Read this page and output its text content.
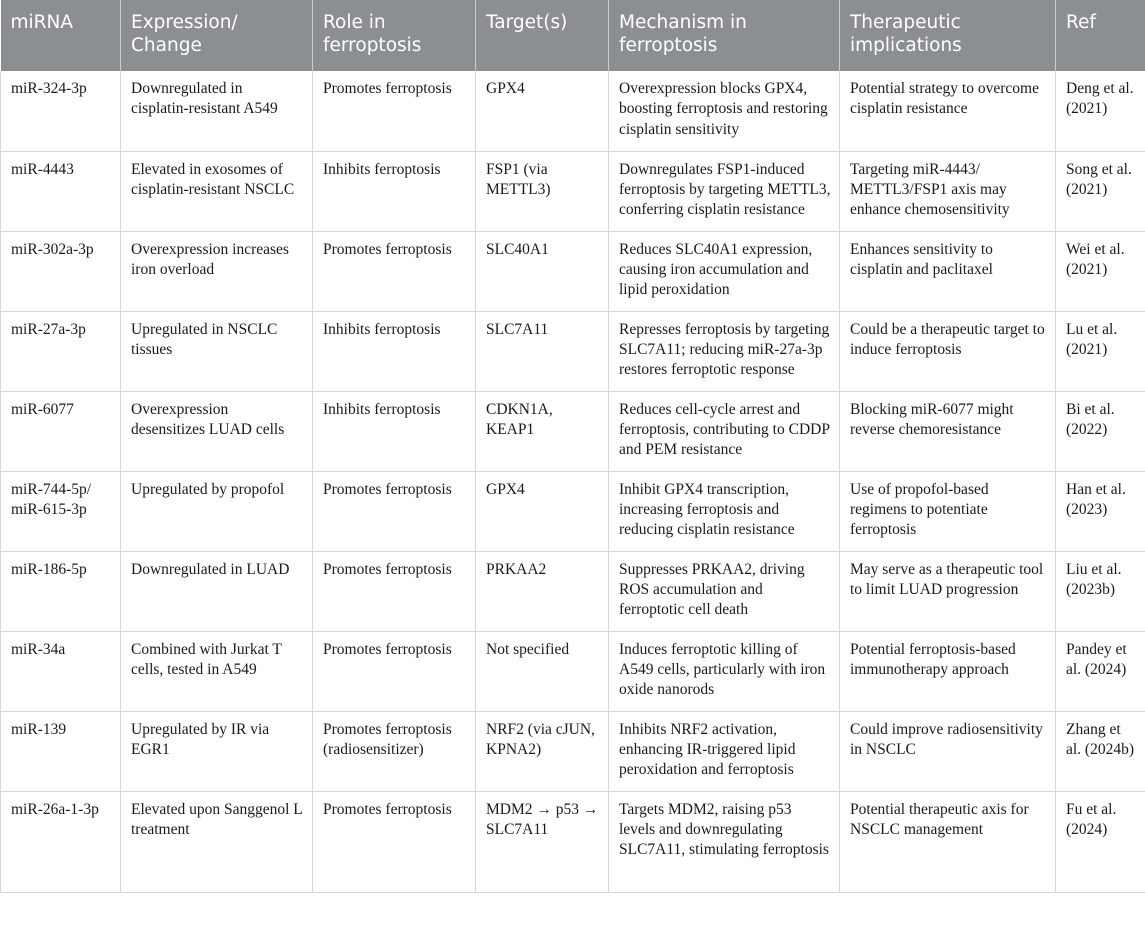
miRNA	Expression/ Change	Role in ferroptosis	Target(s)	Mechanism in ferroptosis	Therapeutic implications	Ref
miR-324-3p	Downregulated in cisplatin-resistant A549	Promotes ferroptosis	GPX4	Overexpression blocks GPX4, boosting ferroptosis and restoring cisplatin sensitivity	Potential strategy to overcome cisplatin resistance	Deng et al. (2021)
miR-4443	Elevated in exosomes of cisplatin-resistant NSCLC	Inhibits ferroptosis	FSP1 (via METTL3)	Downregulates FSP1-induced ferroptosis by targeting METTL3, conferring cisplatin resistance	Targeting miR-4443/ METTL3/FSP1 axis may enhance chemosensitivity	Song et al. (2021)
miR-302a-3p	Overexpression increases iron overload	Promotes ferroptosis	SLC40A1	Reduces SLC40A1 expression, causing iron accumulation and lipid peroxidation	Enhances sensitivity to cisplatin and paclitaxel	Wei et al. (2021)
miR-27a-3p	Upregulated in NSCLC tissues	Inhibits ferroptosis	SLC7A11	Represses ferroptosis by targeting SLC7A11; reducing miR-27a-3p restores ferroptotic response	Could be a therapeutic target to induce ferroptosis	Lu et al. (2021)
miR-6077	Overexpression desensitizes LUAD cells	Inhibits ferroptosis	CDKN1A, KEAP1	Reduces cell-cycle arrest and ferroptosis, contributing to CDDP and PEM resistance	Blocking miR-6077 might reverse chemoresistance	Bi et al. (2022)
miR-744-5p/ miR-615-3p	Upregulated by propofol	Promotes ferroptosis	GPX4	Inhibit GPX4 transcription, increasing ferroptosis and reducing cisplatin resistance	Use of propofol-based regimens to potentiate ferroptosis	Han et al. (2023)
miR-186-5p	Downregulated in LUAD	Promotes ferroptosis	PRKAA2	Suppresses PRKAA2, driving ROS accumulation and ferroptotic cell death	May serve as a therapeutic tool to limit LUAD progression	Liu et al. (2023b)
miR-34a	Combined with Jurkat T cells, tested in A549	Promotes ferroptosis	Not specified	Induces ferroptotic killing of A549 cells, particularly with iron oxide nanorods	Potential ferroptosis-based immunotherapy approach	Pandey et al. (2024)
miR-139	Upregulated by IR via EGR1	Promotes ferroptosis (radiosensitizer)	NRF2 (via cJUN, KPNA2)	Inhibits NRF2 activation, enhancing IR-triggered lipid peroxidation and ferroptosis	Could improve radiosensitivity in NSCLC	Zhang et al. (2024b)
miR-26a-1-3p	Elevated upon Sanggenol L treatment	Promotes ferroptosis	MDM2 → p53 → SLC7A11	Targets MDM2, raising p53 levels and downregulating SLC7A11, stimulating ferroptosis	Potential therapeutic axis for NSCLC management	Fu et al. (2024)
